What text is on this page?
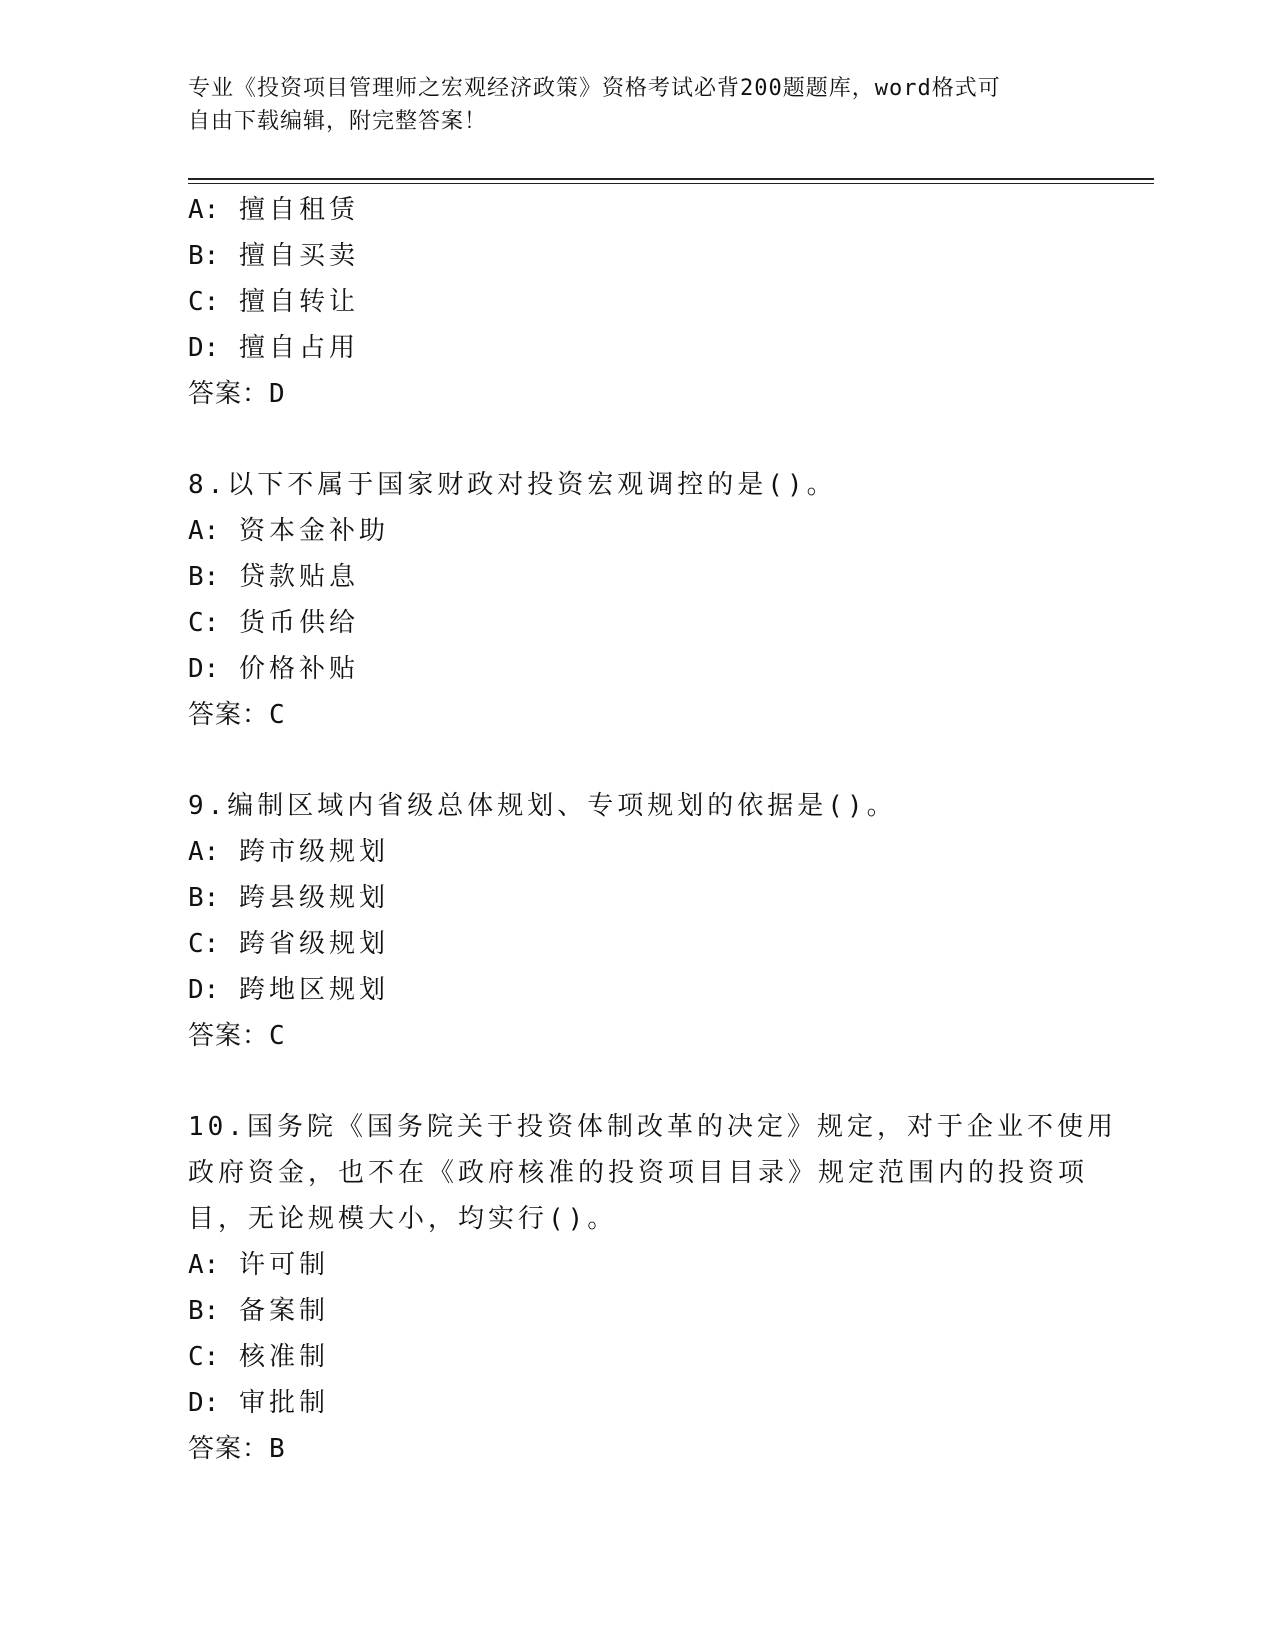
专业《投资项目管理师之宏观经济政策》资格考试必背200题题库，word格式可
自由下载编辑，附完整答案！
A: 擅自租赁
B: 擅自买卖
C: 擅自转让
D: 擅自占用
答案：D
8.以下不属于国家财政对投资宏观调控的是()。
A: 资本金补助
B: 贷款贴息
C: 货币供给
D: 价格补贴
答案：C
9.编制区域内省级总体规划、专项规划的依据是()。
A: 跨市级规划
B: 跨县级规划
C: 跨省级规划
D: 跨地区规划
答案：C
10.国务院《国务院关于投资体制改革的决定》规定，对于企业不使用
政府资金，也不在《政府核准的投资项目目录》规定范围内的投资项
目，无论规模大小，均实行()。
A: 许可制
B: 备案制
C: 核准制
D: 审批制
答案：B
